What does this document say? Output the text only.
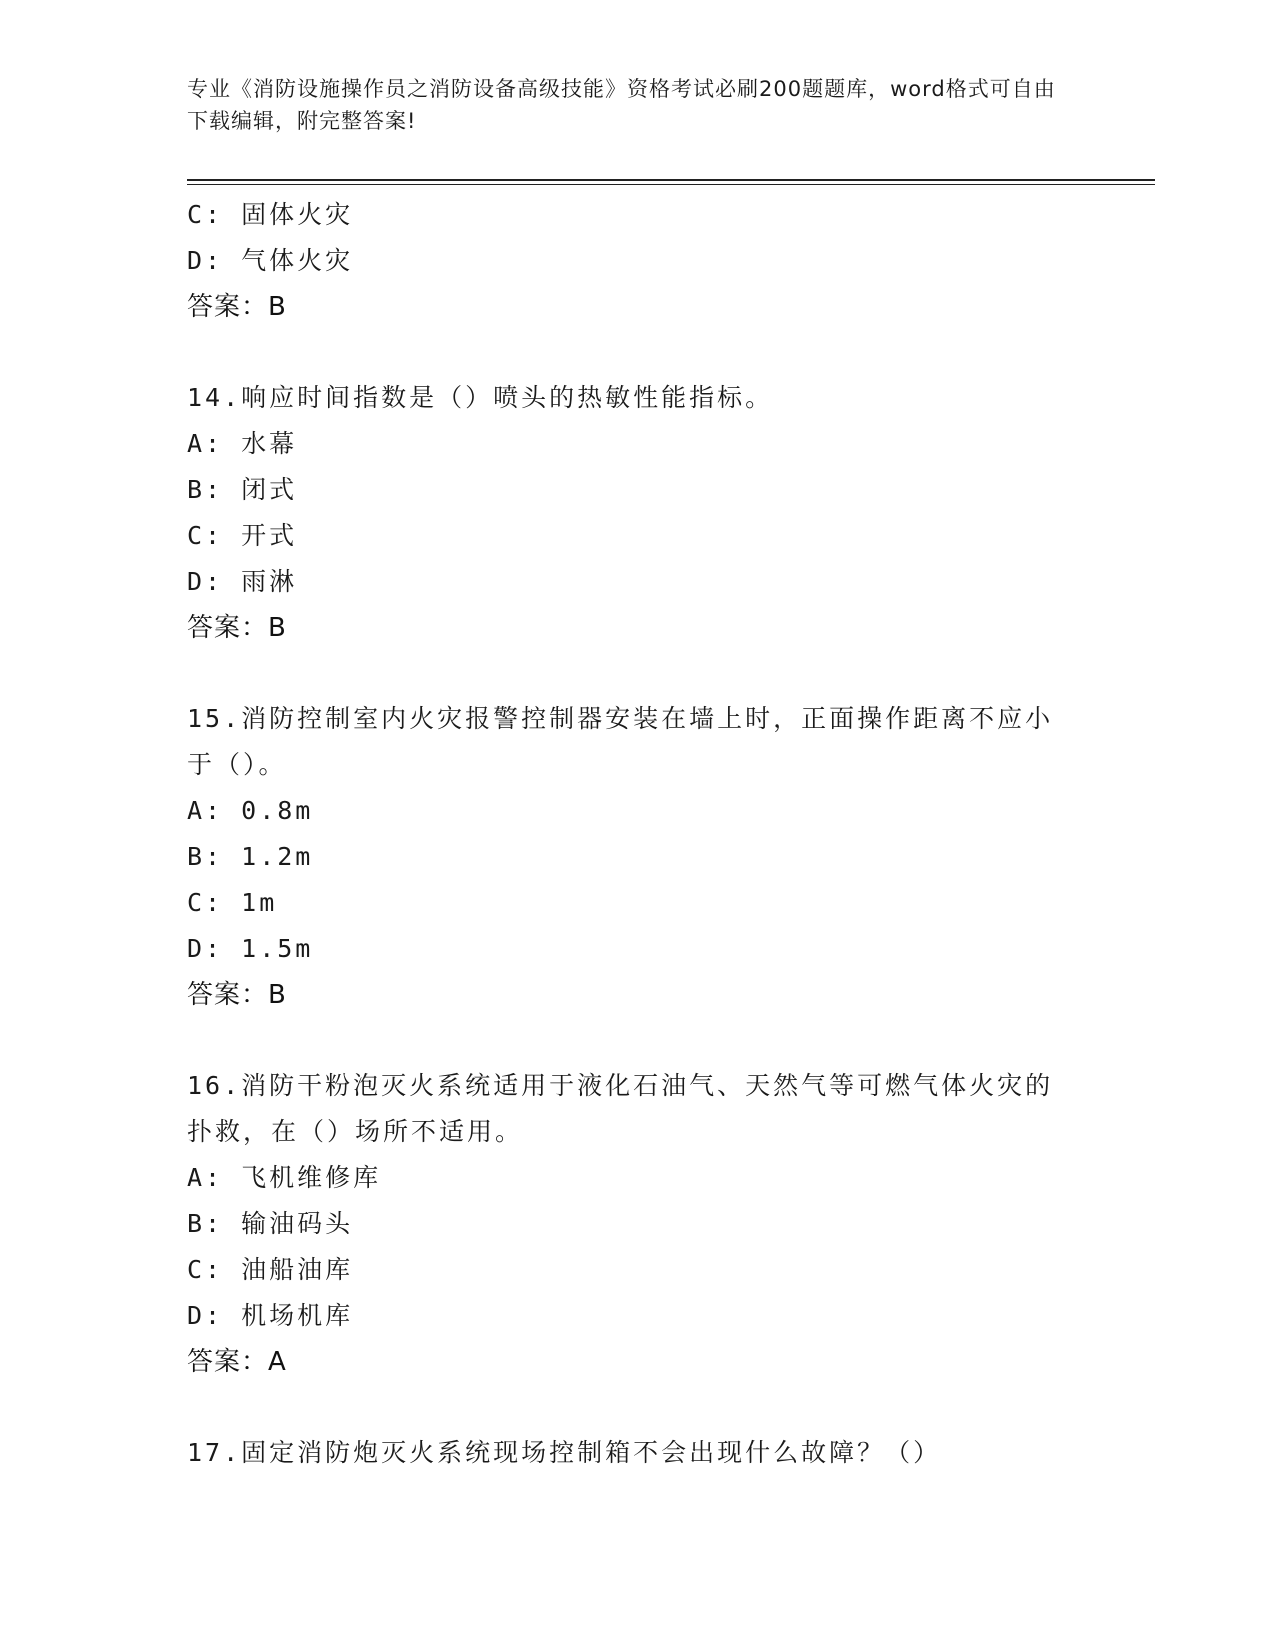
专业《消防设施操作员之消防设备高级技能》资格考试必刷200题题库，word格式可自由下载编辑，附完整答案!
C: 固体火灾
D: 气体火灾
答案：B
14.响应时间指数是（）喷头的热敏性能指标。
A: 水幕
B: 闭式
C: 开式
D: 雨淋
答案：B
15.消防控制室内火灾报警控制器安装在墙上时，正面操作距离不应小于（）。
A: 0.8m
B: 1.2m
C: 1m
D: 1.5m
答案：B
16.消防干粉泡灭火系统适用于液化石油气、天然气等可燃气体火灾的扑救，在（）场所不适用。
A: 飞机维修库
B: 输油码头
C: 油船油库
D: 机场机库
答案：A
17.固定消防炮灭火系统现场控制箱不会出现什么故障？（）
